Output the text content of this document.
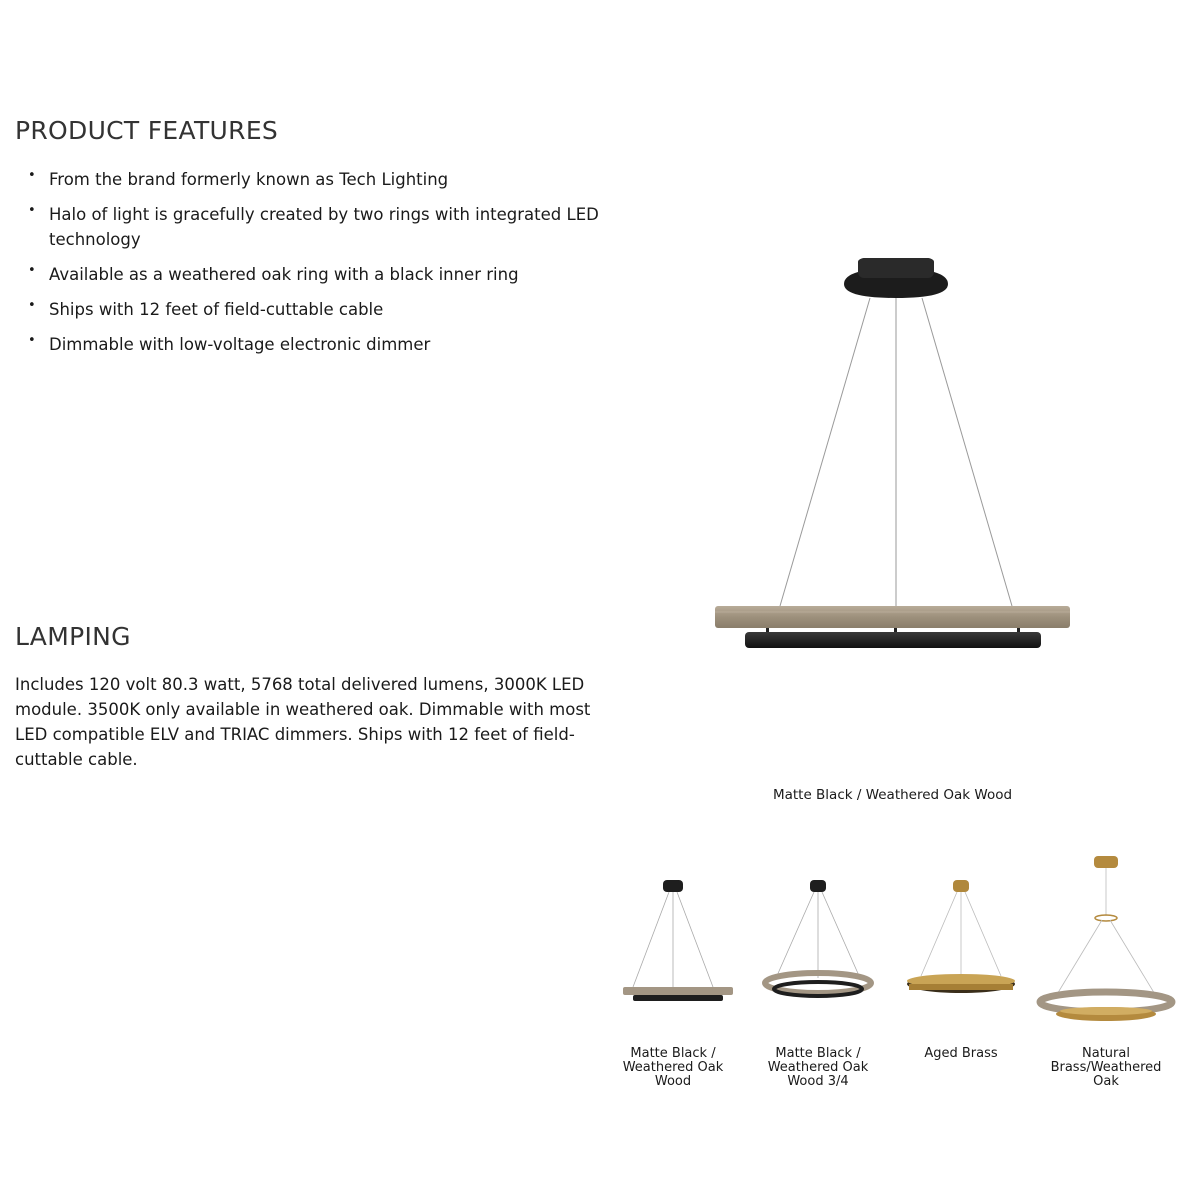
PRODUCT FEATURES
• From the brand formerly known as Tech Lighting
• Halo of light is gracefully created by two rings with integrated LED technology
• Available as a weathered oak ring with a black inner ring
• Ships with 12 feet of field-cuttable cable
• Dimmable with low-voltage electronic dimmer
LAMPING

Includes 120 volt 80.3 watt, 5768 total delivered lumens, 3000K LED module. 3500K only available in weathered oak. Dimmable with most LED compatible ELV and TRIAC dimmers. Ships with 12 feet of field-cuttable cable.

Matte Black / Weathered Oak Wood

Matte Black / Weathered Oak Wood
Matte Black / Weathered Oak Wood 3/4
Aged Brass	Natural Brass/Weathered Oak
